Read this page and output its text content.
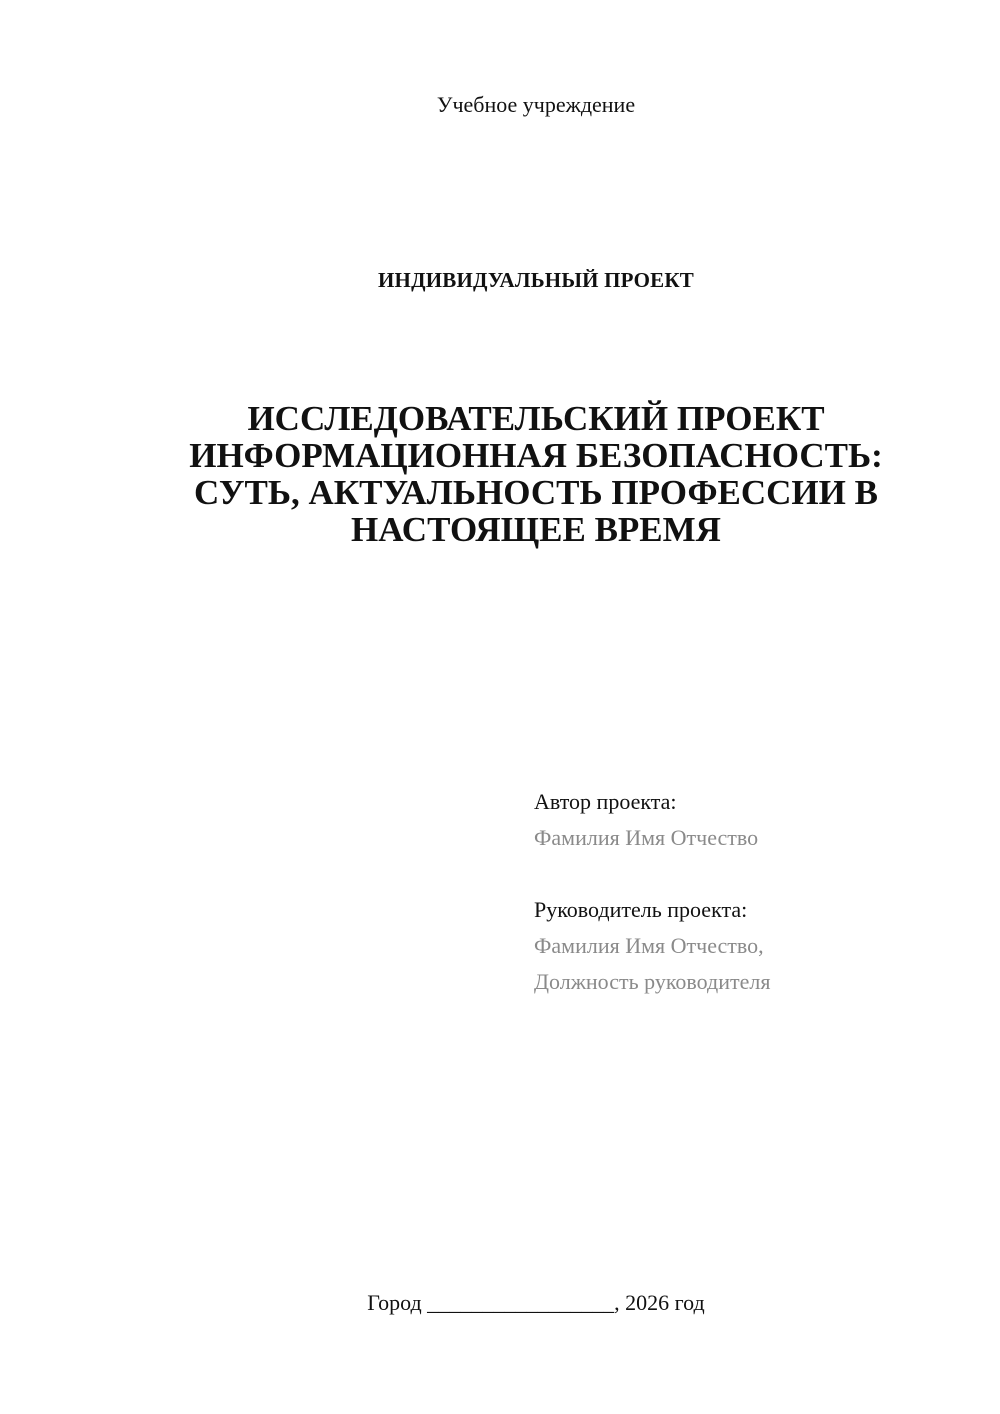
Учебное учреждение
ИНДИВИДУАЛЬНЫЙ ПРОЕКТ
ИССЛЕДОВАТЕЛЬСКИЙ ПРОЕКТ
ИНФОРМАЦИОННАЯ БЕЗОПАСНОСТЬ:
СУТЬ, АКТУАЛЬНОСТЬ ПРОФЕССИИ В
НАСТОЯЩЕЕ ВРЕМЯ
Автор проекта:
Фамилия Имя Отчество
Руководитель проекта:
Фамилия Имя Отчество,
Должность руководителя
Город _________________, 2026 год
